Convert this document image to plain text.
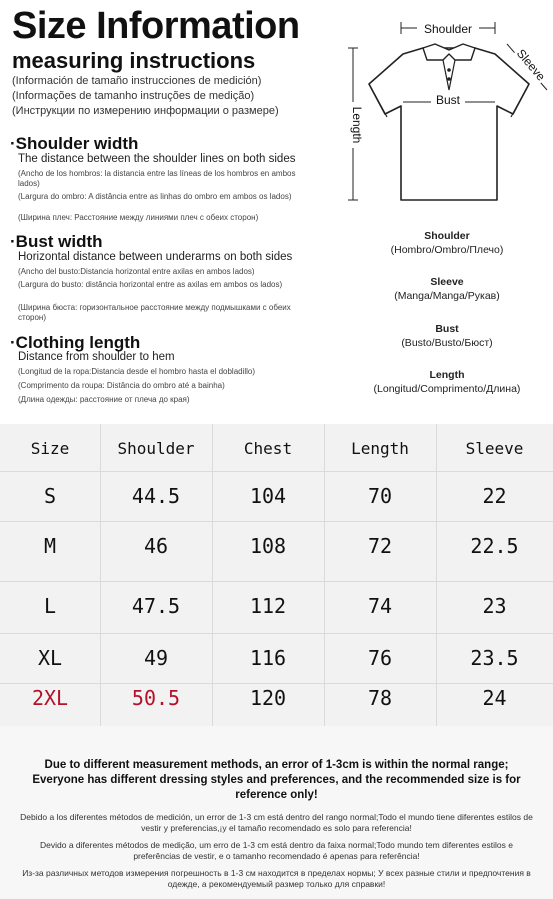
Size Information
measuring instructions
(Información de tamaño instrucciones de medición)
(Informações de tamanho instruções de medição)
(Инструкции по измерению информации о размере)
·Shoulder width
The distance between the shoulder lines on both sides
(Ancho de los hombros: la distancia entre las líneas de los hombros en ambos lados)
(Largura do ombro: A distância entre as linhas do ombro em ambos os lados)
(Ширина плеч: Расстояние между линиями плеч с обеих сторон)
·Bust width
Horizontal distance between underarms on both sides
(Ancho del busto:Distancia horizontal entre axilas en ambos lados)
(Largura do busto: distância horizontal entre as axilas em ambos os lados)
(Ширина бюста: горизонтальное расстояние между подмышками с обеих сторон)
·Clothing length
Distance from shoulder to hem
(Longitud de la ropa:Distancia desde el hombro hasta el dobladillo)
(Comprimento da roupa: Distância do ombro até a bainha)
(Длина одежды: расстояние от плеча до края)
Shoulder
Bust
Length
Sleeve
Shoulder
(Hombro/Ombro/Плечо)
Sleeve
(Manga/Manga/Рукав)
Bust
(Busto/Busto/Бюст)
Length
(Longitud/Comprimento/Длина)
Size	Shoulder	Chest	Length	Sleeve
S	44.5	104	70	22
M	46	108	72	22.5
L	47.5	112	74	23
XL	49	116	76	23.5
2XL	50.5	120	78	24
Due to different measurement methods, an error of 1-3cm is within the normal range; Everyone has different dressing styles and preferences, and the recommended size is for reference only!
Debido a los diferentes métodos de medición, un error de 1-3 cm está dentro del rango normal;Todo el mundo tiene diferentes estilos de vestir y preferencias,¡y el tamaño recomendado es solo para referencia!
Devido a diferentes métodos de medição, um erro de 1-3 cm está dentro da faixa normal;Todo mundo tem diferentes estilos e preferências de vestir, e o tamanho recomendado é apenas para referência!
Из-за различных методов измерения погрешность в 1-3 см находится в пределах нормы; У всех разные стили и предпочтения в одежде, а рекомендуемый размер только для справки!
